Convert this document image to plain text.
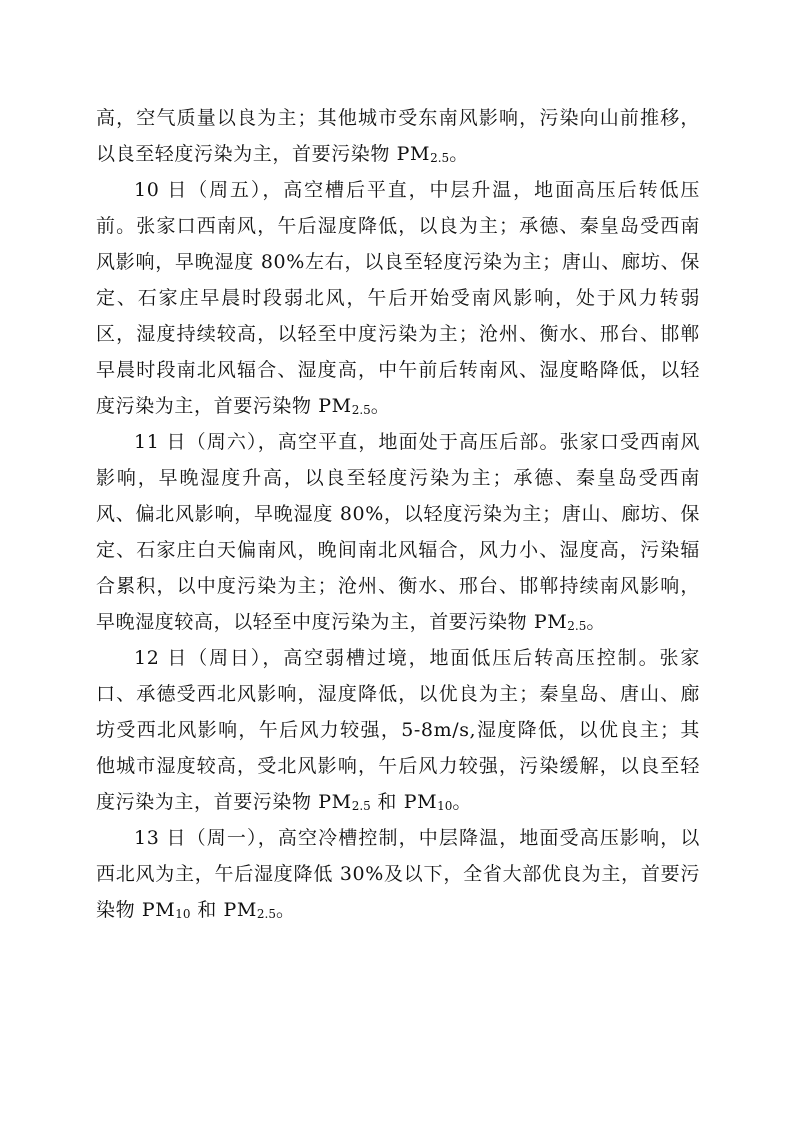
高，空气质量以良为主；其他城市受东南风影响，污染向山前推移，以良至轻度污染为主，首要污染物 $PM_{2.5}$。

10 日（周五），高空槽后平直，中层升温，地面高压后转低压前。张家口西南风，午后湿度降低，以良为主；承德、秦皇岛受西南风影响，早晚湿度 80%左右，以良至轻度污染为主；唐山、廊坊、保定、石家庄早晨时段弱北风，午后开始受南风影响，处于风力转弱区，湿度持续较高，以轻至中度污染为主；沧州、衡水、邢台、邯郸早晨时段南北风辐合、湿度高，中午前后转南风、湿度略降低，以轻度污染为主，首要污染物 $PM_{2.5}$。

11 日（周六），高空平直，地面处于高压后部。张家口受西南风影响，早晚湿度升高，以良至轻度污染为主；承德、秦皇岛受西南风、偏北风影响，早晚湿度 80%，以轻度污染为主；唐山、廊坊、保定、石家庄白天偏南风，晚间南北风辐合，风力小、湿度高，污染辐合累积，以中度污染为主；沧州、衡水、邢台、邯郸持续南风影响，早晚湿度较高，以轻至中度污染为主，首要污染物 $PM_{2.5}$。

12 日（周日），高空弱槽过境，地面低压后转高压控制。张家口、承德受西北风影响，湿度降低，以优良为主；秦皇岛、唐山、廊坊受西北风影响，午后风力较强，5-8m/s,湿度降低，以优良主；其他城市湿度较高，受北风影响，午后风力较强，污染缓解，以良至轻度污染为主，首要污染物 $PM_{2.5}$ 和 $PM_{10}$。

13 日（周一），高空冷槽控制，中层降温，地面受高压影响，以西北风为主，午后湿度降低 30%及以下，全省大部优良为主，首要污染物 $PM_{10}$ 和 $PM_{2.5}$。
